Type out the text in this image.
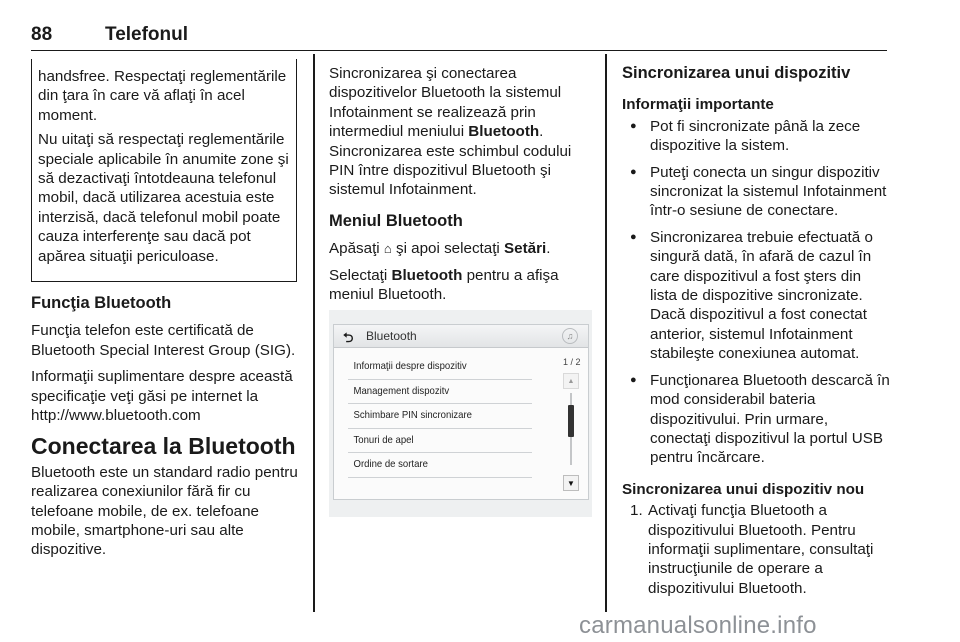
88	Telefonul

handsfree. Respectaţi reglementările din ţara în care vă aflaţi în acel moment.

Nu uitaţi să respectaţi reglementările speciale aplicabile în anumite zone şi să dezactivaţi întotdeauna telefonul mobil, dacă utilizarea acestuia este interzisă, dacă telefonul mobil poate cauza interferenţe sau dacă pot apărea situaţii periculoase.

Funcţia Bluetooth

Funcţia telefon este certificată de Bluetooth Special Interest Group (SIG).

Informaţii suplimentare despre această specificaţie veţi găsi pe internet la http://www.bluetooth.com

Conectarea la Bluetooth

Bluetooth este un standard radio pentru realizarea conexiunilor fără fir cu telefoane mobile, de ex. telefoane mobile, smartphone-uri sau alte dispozitive.

Sincronizarea şi conectarea dispozitivelor Bluetooth la sistemul Infotainment se realizează prin intermediul meniului Bluetooth. Sincronizarea este schimbul codului PIN între dispozitivul Bluetooth şi sistemul Infotainment.

Meniul Bluetooth

Apăsaţi ⌂ şi apoi selectaţi Setări.

Selectaţi Bluetooth pentru a afişa meniul Bluetooth.

⮌ Bluetooth	♫
Informaţii despre dispozitiv
Management dispozitv
Schimbare PIN sincronizare
Tonuri de apel
Ordine de sortare
1 / 2
▲
▼
Sincronizarea unui dispozitiv
Informaţii importante
● Pot fi sincronizate până la zece dispozitive la sistem.
● Puteţi conecta un singur dispozitiv sincronizat la sistemul Infotainment într-o sesiune de conectare.
● Sincronizarea trebuie efectuată o singură dată, în afară de cazul în care dispozitivul a fost şters din lista de dispozitive sincronizate. Dacă dispozitivul a fost conectat anterior, sistemul Infotainment stabileşte conexiunea automat.
● Funcţionarea Bluetooth descarcă în mod considerabil bateria dispozitivului. Prin urmare, conectaţi dispozitivul la portul USB pentru încărcare.
Sincronizarea unui dispozitiv nou
1. Activaţi funcţia Bluetooth a dispozitivului Bluetooth. Pentru informaţii suplimentare, consultaţi instrucţiunile de operare a dispozitivului Bluetooth.
carmanualsonline.info
